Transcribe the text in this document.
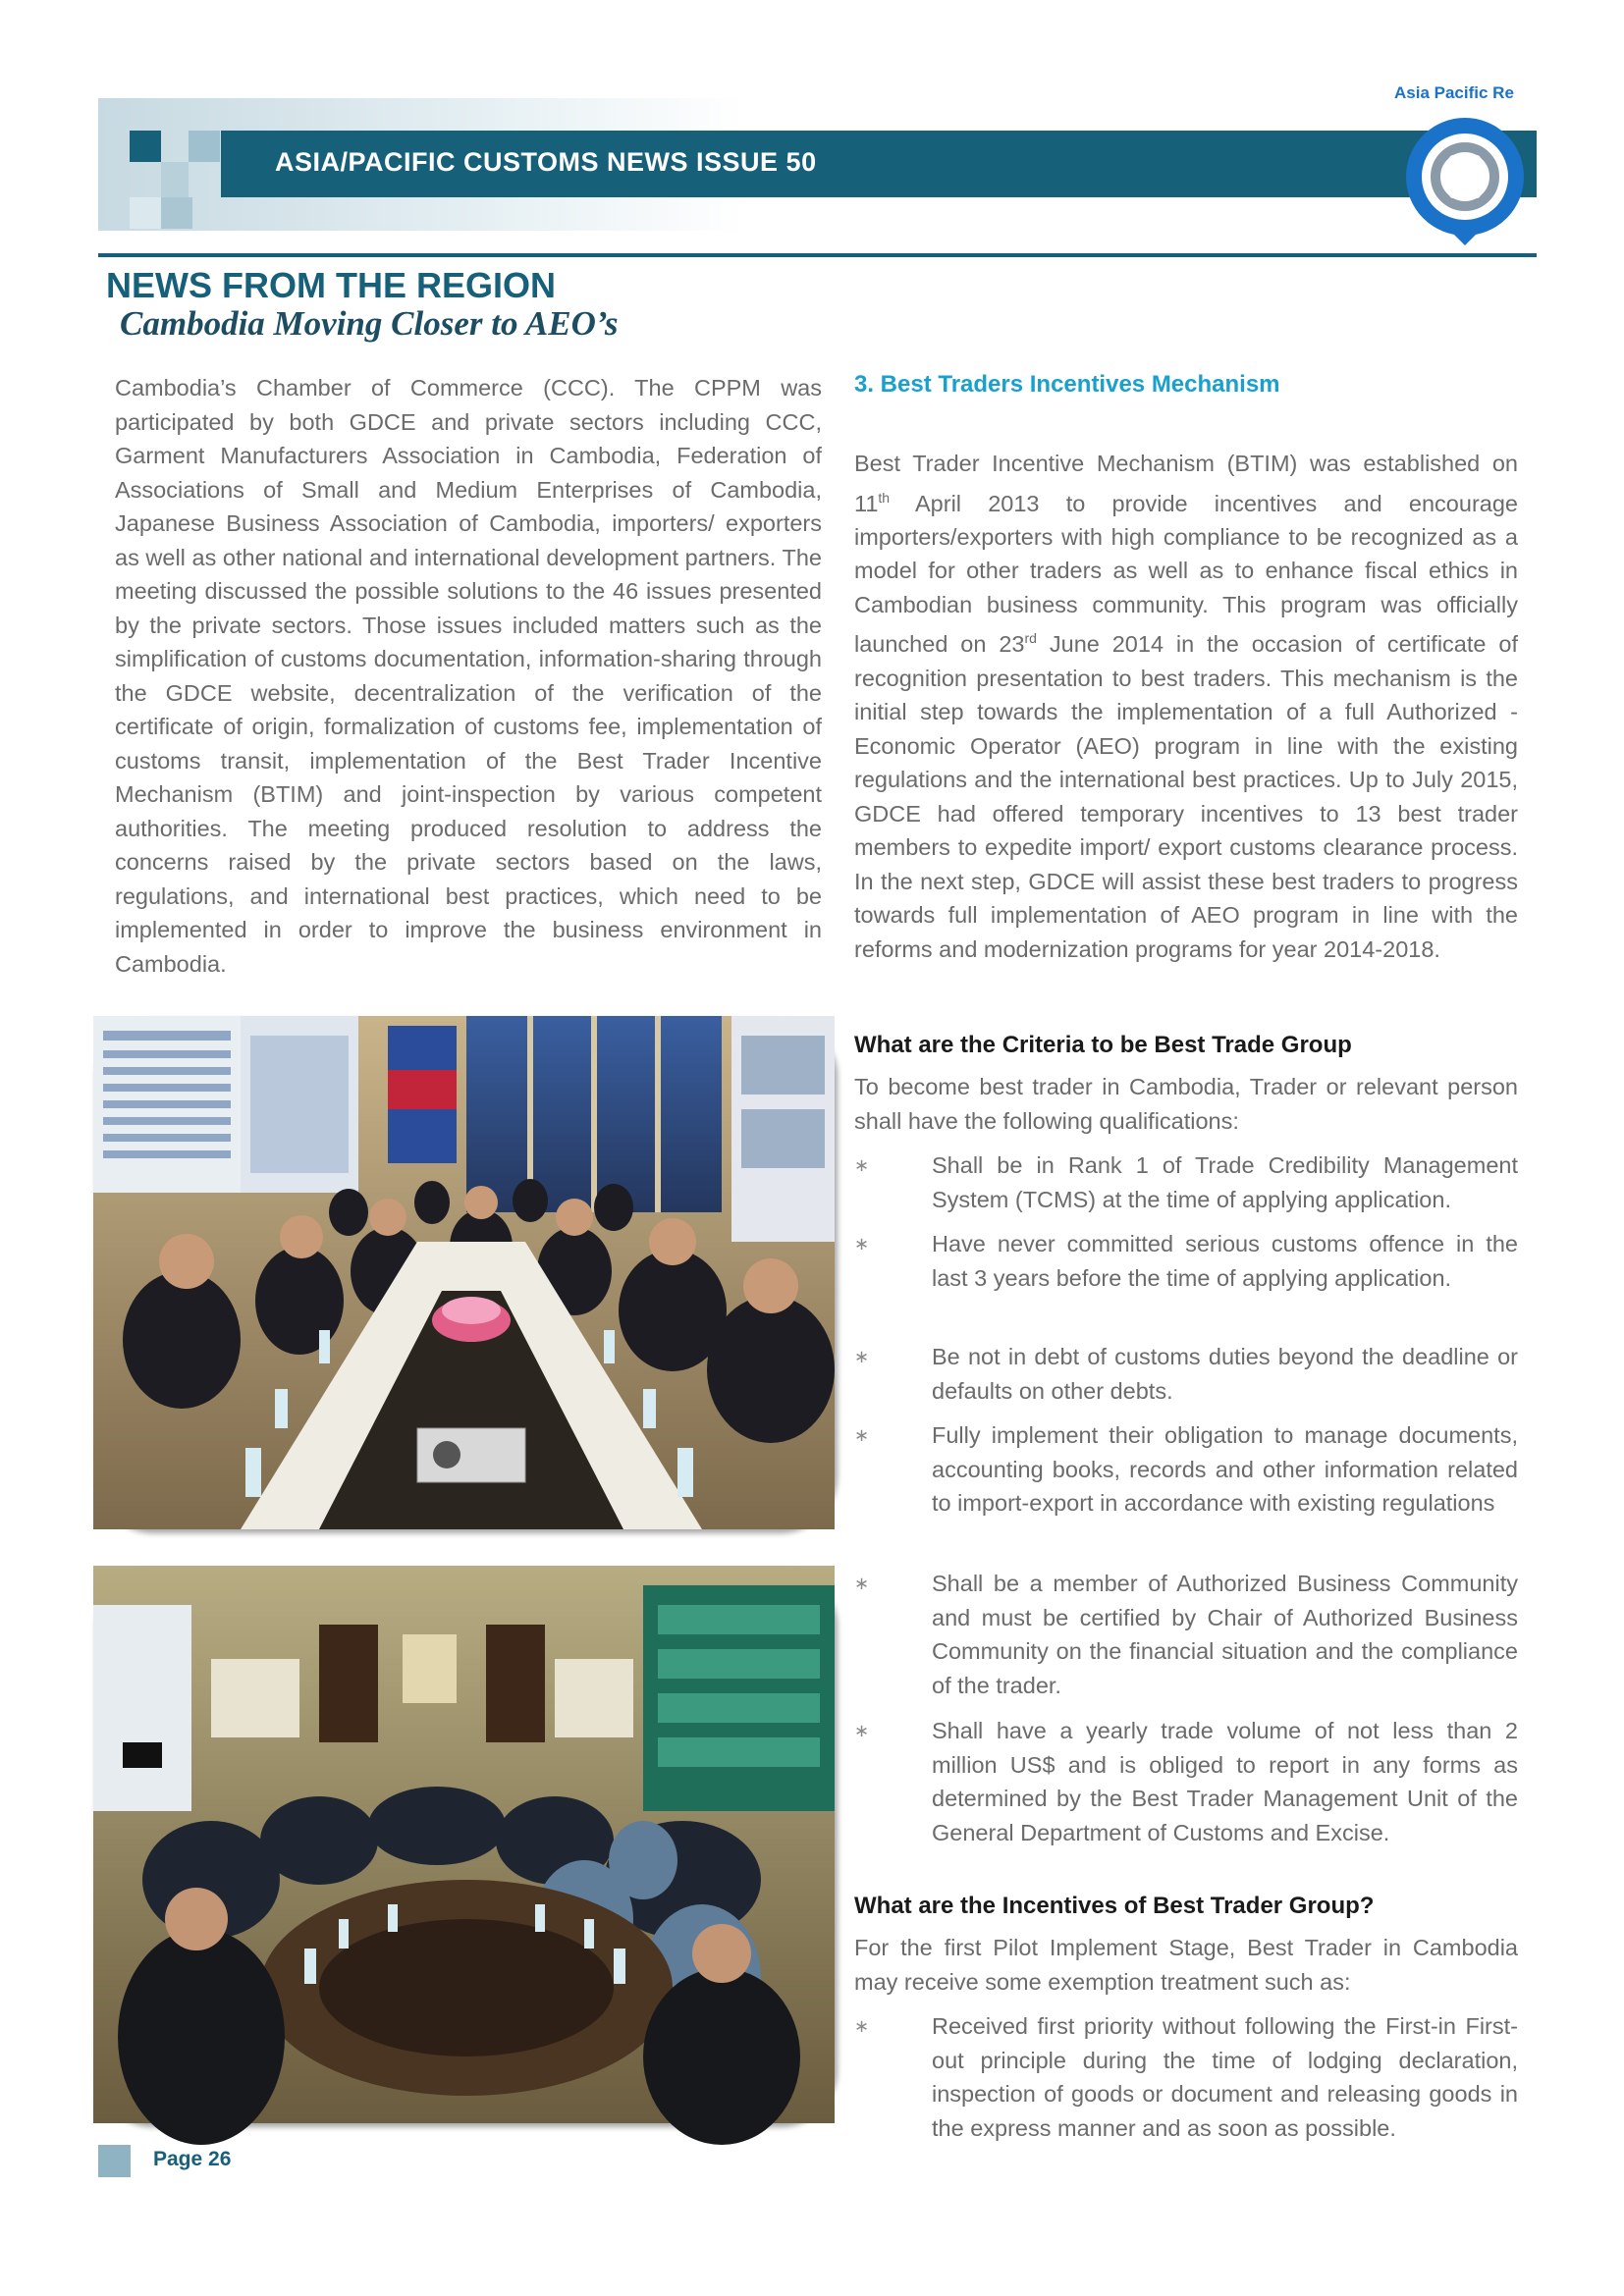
ASIA/PACIFIC CUSTOMS NEWS ISSUE 50
Asia Pacific Re
NEWS FROM THE REGION
Cambodia Moving Closer to AEO’s
Cambodia’s Chamber of Commerce (CCC). The CPPM was participated by both GDCE and private sectors including CCC, Garment Manufacturers Association in Cambodia, Federation of Associations of Small and Medium Enterprises of Cambodia, Japanese Business Association of Cambodia, importers/ exporters as well as other national and international development partners. The meeting discussed the possible solutions to the 46 issues presented by the private sectors. Those issues included matters such as the simplification of customs documentation, information-sharing through the GDCE website, decentralization of the verification of the certificate of origin, formalization of customs fee, implementation of customs transit, implementation of the Best Trader Incentive Mechanism (BTIM) and joint-inspection by various competent authorities. The meeting produced resolution to address the concerns raised by the private sectors based on the laws, regulations, and international best practices, which need to be implemented in order to improve the business environment in Cambodia.
3. Best Traders Incentives Mechanism
Best Trader Incentive Mechanism (BTIM) was established on 11th April 2013 to provide incentives and encourage importers/exporters with high compliance to be recognized as a model for other traders as well as to enhance fiscal ethics in Cambodian business community. This program was officially launched on 23rd June 2014 in the occasion of certificate of recognition presentation to best traders. This mechanism is the initial step towards the implementation of a full Authorized - Economic Operator (AEO) program in line with the existing regulations and the international best practices. Up to July 2015, GDCE had offered temporary incentives to 13 best trader members to expedite import/ export customs clearance process. In the next step, GDCE will assist these best traders to progress towards full implementation of AEO program in line with the reforms and modernization programs for year 2014-2018.
What are the Criteria to be Best Trade Group
To become best trader in Cambodia, Trader or relevant person shall have the following qualifications:
∗	Shall be in Rank 1 of Trade Credibility Management System (TCMS) at the time of applying application.
∗	Have never committed serious customs offence in the last 3 years before the time of applying application.
∗	Be not in debt of customs duties beyond the deadline or defaults on other debts.
∗	Fully implement their obligation to manage documents, accounting books, records and other information related to import-export in accordance with existing regulations
∗	Shall be a member of Authorized Business Community and must be certified by Chair of Authorized Business Community on the financial situation and the compliance of the trader.
∗	Shall have a yearly trade volume of not less than 2 million US$ and is obliged to report in any forms as determined by the Best Trader Management Unit of the General Department of Customs and Excise.
What are the Incentives of Best Trader Group?
For the first Pilot Implement Stage, Best Trader in Cambodia may receive some exemption treatment such as:
∗	Received first priority without following the First-in First-out principle during the time of lodging declaration, inspection of goods or document and releasing goods in the express manner and as soon as possible.
Page 26
